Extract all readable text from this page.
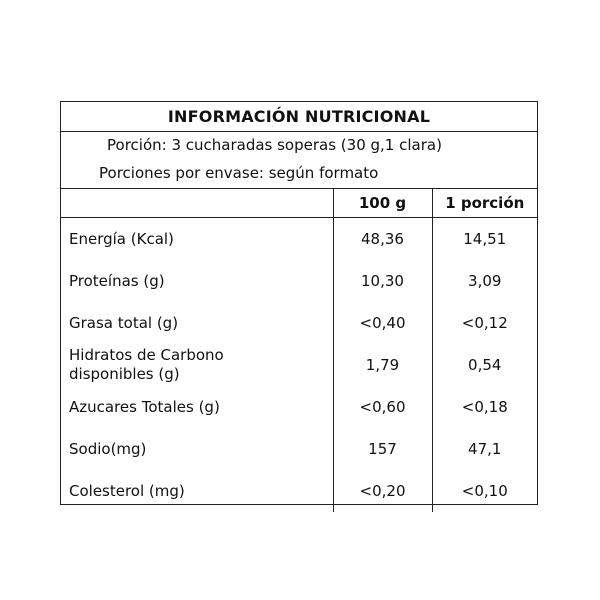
INFORMACIÓN NUTRICIONAL
Porción: 3 cucharadas soperas (30 g,1 clara)
Porciones por envase: según formato
	100 g	1 porción
Energía (Kcal)	48,36	14,51
Proteínas (g)	10,30	3,09
Grasa total (g)	<0,40	<0,12

Hidratos de Carbono
disponibles (g)	1,79	0,54
Azucares Totales (g)	<0,60	<0,18
Sodio(mg)	157	47,1
Colesterol (mg)	<0,20	<0,10
